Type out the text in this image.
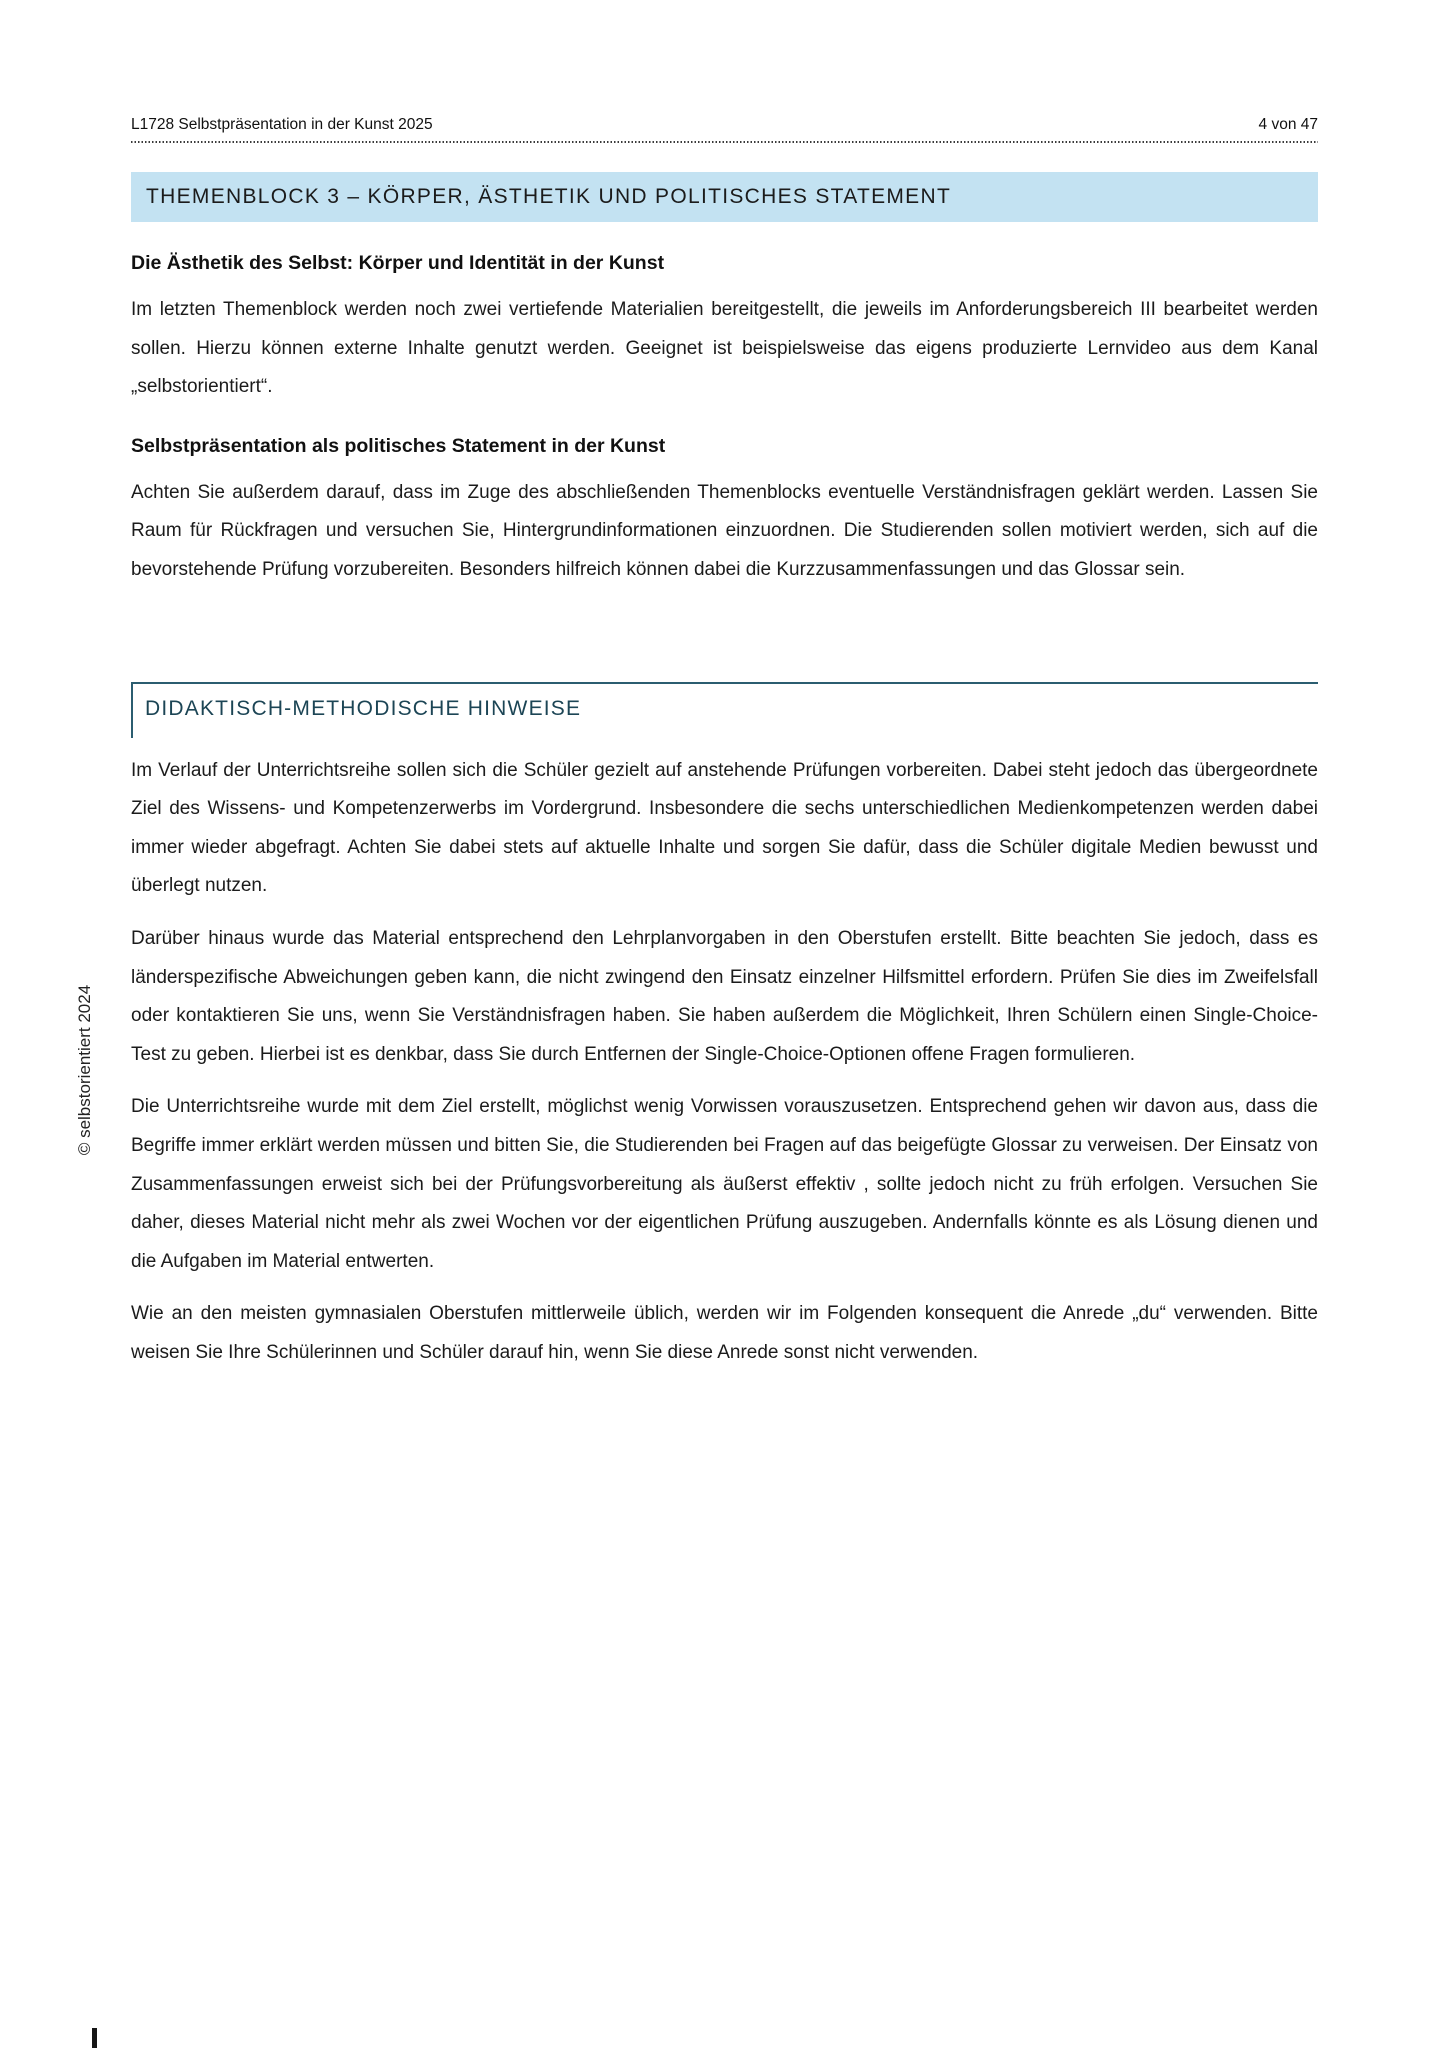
L1728 Selbstpräsentation in der Kunst 2025	4 von 47
© selbstorientiert 2024
THEMENBLOCK 3 – KÖRPER, ÄSTHETIK UND POLITISCHES STATEMENT
Die Ästhetik des Selbst: Körper und Identität in der Kunst
Im letzten Themenblock werden noch zwei vertiefende Materialien bereitgestellt, die jeweils im Anforderungsbereich III bearbeitet werden sollen. Hierzu können externe Inhalte genutzt werden. Geeignet ist beispielsweise das eigens produzierte Lernvideo aus dem Kanal „selbstorientiert“.
Selbstpräsentation als politisches Statement in der Kunst
Achten Sie außerdem darauf, dass im Zuge des abschließenden Themenblocks eventuelle Verständnisfragen geklärt werden. Lassen Sie Raum für Rückfragen und versuchen Sie, Hintergrundinformationen einzuordnen. Die Studierenden sollen motiviert werden, sich auf die bevorstehende Prüfung vorzubereiten. Besonders hilfreich können dabei die Kurzzusammenfassungen und das Glossar sein.
DIDAKTISCH-METHODISCHE HINWEISE
Im Verlauf der Unterrichtsreihe sollen sich die Schüler gezielt auf anstehende Prüfungen vorbereiten. Dabei steht jedoch das übergeordnete Ziel des Wissens- und Kompetenzerwerbs im Vordergrund. Insbesondere die sechs unterschiedlichen Medienkompetenzen werden dabei immer wieder abgefragt. Achten Sie dabei stets auf aktuelle Inhalte und sorgen Sie dafür, dass die Schüler digitale Medien bewusst und überlegt nutzen.
Darüber hinaus wurde das Material entsprechend den Lehrplanvorgaben in den Oberstufen erstellt. Bitte beachten Sie jedoch, dass es länderspezifische Abweichungen geben kann, die nicht zwingend den Einsatz einzelner Hilfsmittel erfordern. Prüfen Sie dies im Zweifelsfall oder kontaktieren Sie uns, wenn Sie Verständnisfragen haben. Sie haben außerdem die Möglichkeit, Ihren Schülern einen Single-Choice- Test zu geben. Hierbei ist es denkbar, dass Sie durch Entfernen der Single-Choice-Optionen offene Fragen formulieren.
Die Unterrichtsreihe wurde mit dem Ziel erstellt, möglichst wenig Vorwissen vorauszusetzen. Entsprechend gehen wir davon aus, dass die Begriffe immer erklärt werden müssen und bitten Sie, die Studierenden bei Fragen auf das beigefügte Glossar zu verweisen. Der Einsatz von Zusammenfassungen erweist sich bei der Prüfungsvorbereitung als äußerst effektiv , sollte jedoch nicht zu früh erfolgen. Versuchen Sie daher, dieses Material nicht mehr als zwei Wochen vor der eigentlichen Prüfung auszugeben. Andernfalls könnte es als Lösung dienen und die Aufgaben im Material entwerten.
Wie an den meisten gymnasialen Oberstufen mittlerweile üblich, werden wir im Folgenden konsequent die Anrede „du“ verwenden. Bitte weisen Sie Ihre Schülerinnen und Schüler darauf hin, wenn Sie diese Anrede sonst nicht verwenden.
